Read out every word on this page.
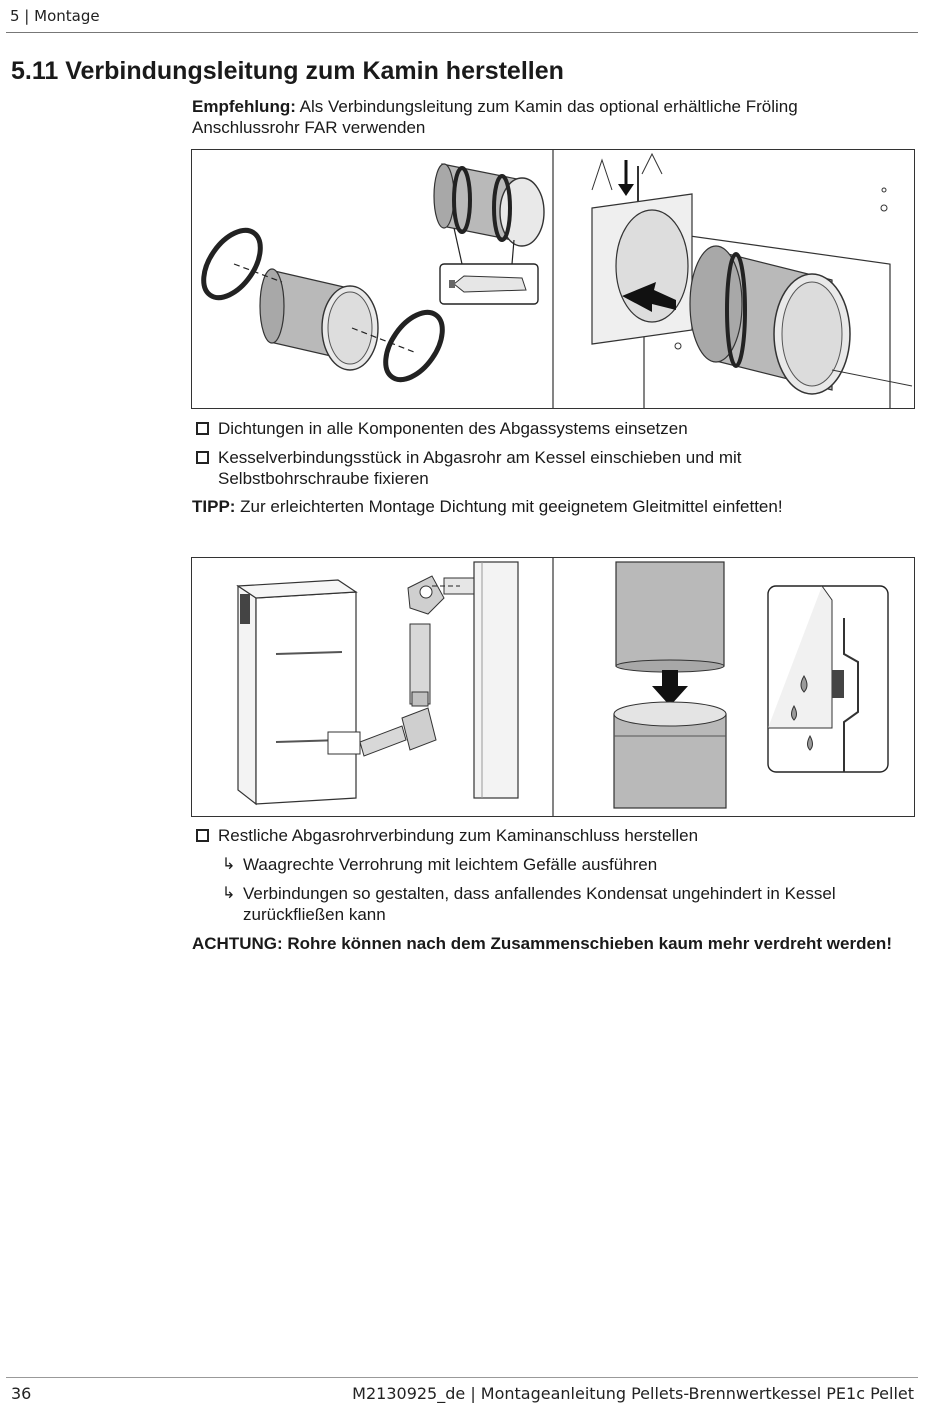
5 | Montage
5.11 Verbindungsleitung zum Kamin herstellen
Empfehlung: Als Verbindungsleitung zum Kamin das optional erhältliche Fröling Anschlussrohr FAR verwenden
Dichtungen in alle Komponenten des Abgassystems einsetzen
Kesselverbindungsstück in Abgasrohr am Kessel einschieben und mit Selbstbohrschraube fixieren
TIPP: Zur erleichterten Montage Dichtung mit geeignetem Gleitmittel einfetten!
Restliche Abgasrohrverbindung zum Kaminanschluss herstellen
↳ Waagrechte Verrohrung mit leichtem Gefälle ausführen
↳ Verbindungen so gestalten, dass anfallendes Kondensat ungehindert in Kessel zurückfließen kann
ACHTUNG: Rohre können nach dem Zusammenschieben kaum mehr verdreht werden!
36	M2130925_de | Montageanleitung Pellets-Brennwertkessel PE1c Pellet
